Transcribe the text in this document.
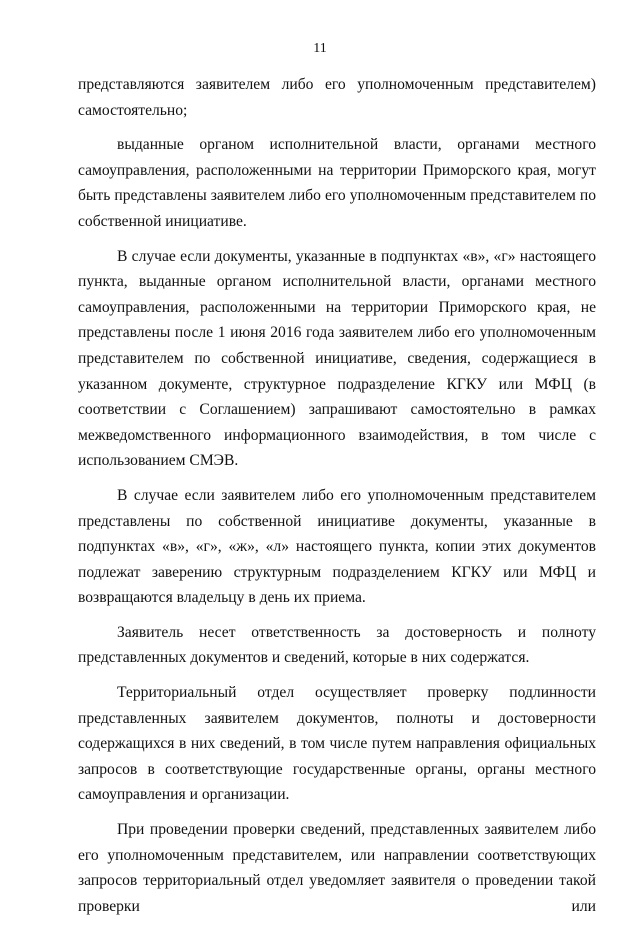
11

представляются заявителем либо его уполномоченным представителем) самостоятельно;

выданные органом исполнительной власти, органами местного самоуправления, расположенными на территории Приморского края, могут быть представлены заявителем либо его уполномоченным представителем по собственной инициативе.

В случае если документы, указанные в подпунктах «в», «г» настоящего пункта, выданные органом исполнительной власти, органами местного самоуправления, расположенными на территории Приморского края, не представлены после 1 июня 2016 года заявителем либо его уполномоченным представителем по собственной инициативе, сведения, содержащиеся в указанном документе, структурное подразделение КГКУ или МФЦ (в соответствии с Соглашением) запрашивают самостоятельно в рамках межведомственного информационного взаимодействия, в том числе с использованием СМЭВ.

В случае если заявителем либо его уполномоченным представителем представлены по собственной инициативе документы, указанные в подпунктах «в», «г», «ж», «л» настоящего пункта, копии этих документов подлежат заверению структурным подразделением КГКУ или МФЦ и возвращаются владельцу в день их приема.

Заявитель несет ответственность за достоверность и полноту представленных документов и сведений, которые в них содержатся.

Территориальный отдел осуществляет проверку подлинности представленных заявителем документов, полноты и достоверности содержащихся в них сведений, в том числе путем направления официальных запросов в соответствующие государственные органы, органы местного самоуправления и организации.

При проведении проверки сведений, представленных заявителем либо его уполномоченным представителем, или направлении соответствующих запросов территориальный отдел уведомляет заявителя о проведении такой проверки или
